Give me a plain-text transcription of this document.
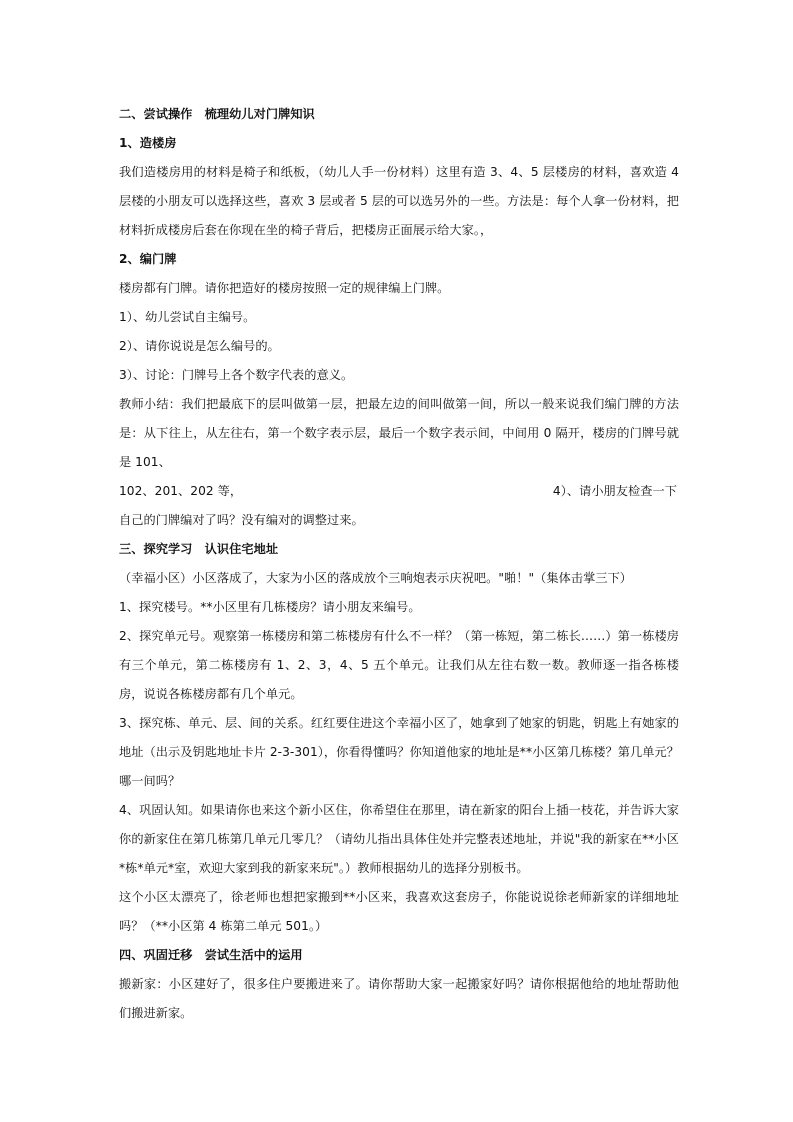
二、尝试操作　梳理幼儿对门牌知识

1、造楼房

我们造楼房用的材料是椅子和纸板，（幼儿人手一份材料）这里有造 3、4、5 层楼房的材料，喜欢造 4 层楼的小朋友可以选择这些，喜欢 3 层或者 5 层的可以选另外的一些。方法是：每个人拿一份材料，把材料折成楼房后套在你现在坐的椅子背后，把楼房正面展示给大家。，

2、编门牌

楼房都有门牌。请你把造好的楼房按照一定的规律编上门牌。

1）、幼儿尝试自主编号。

2）、请你说说是怎么编号的。

3）、讨论：门牌号上各个数字代表的意义。

教师小结：我们把最底下的层叫做第一层，把最左边的间叫做第一间，所以一般来说我们编门牌的方法是：从下往上，从左往右，第一个数字表示层，最后一个数字表示间，中间用 0 隔开，楼房的门牌号就是 101、

102、201、202 等，	4）、请小朋友检查一下

自己的门牌编对了吗？没有编对的调整过来。

三、探究学习　认识住宅地址

（幸福小区）小区落成了，大家为小区的落成放个三响炮表示庆祝吧。"啪！"（集体击掌三下）

1、探究楼号。**小区里有几栋楼房？请小朋友来编号。

2、探究单元号。观察第一栋楼房和第二栋楼房有什么不一样？（第一栋短，第二栋长……）第一栋楼房有三个单元，第二栋楼房有 1、2、3，4、5 五个单元。让我们从左往右数一数。教师逐一指各栋楼房，说说各栋楼房都有几个单元。

3、探究栋、单元、层、间的关系。红红要住进这个幸福小区了，她拿到了她家的钥匙，钥匙上有她家的地址（出示及钥匙地址卡片 2-3-301），你看得懂吗？你知道他家的地址是**小区第几栋楼？第几单元？哪一间吗？

4、巩固认知。如果请你也来这个新小区住，你希望住在那里，请在新家的阳台上插一枝花，并告诉大家你的新家住在第几栋第几单元几零几？（请幼儿指出具体住处并完整表述地址，并说"我的新家在**小区*栋*单元*室，欢迎大家到我的新家来玩"。）教师根据幼儿的选择分别板书。

这个小区太漂亮了，徐老师也想把家搬到**小区来，我喜欢这套房子，你能说说徐老师新家的详细地址吗？（**小区第 4 栋第二单元 501。）

四、巩固迁移　尝试生活中的运用

搬新家：小区建好了，很多住户要搬进来了。请你帮助大家一起搬家好吗？请你根据他给的地址帮助他们搬进新家。
